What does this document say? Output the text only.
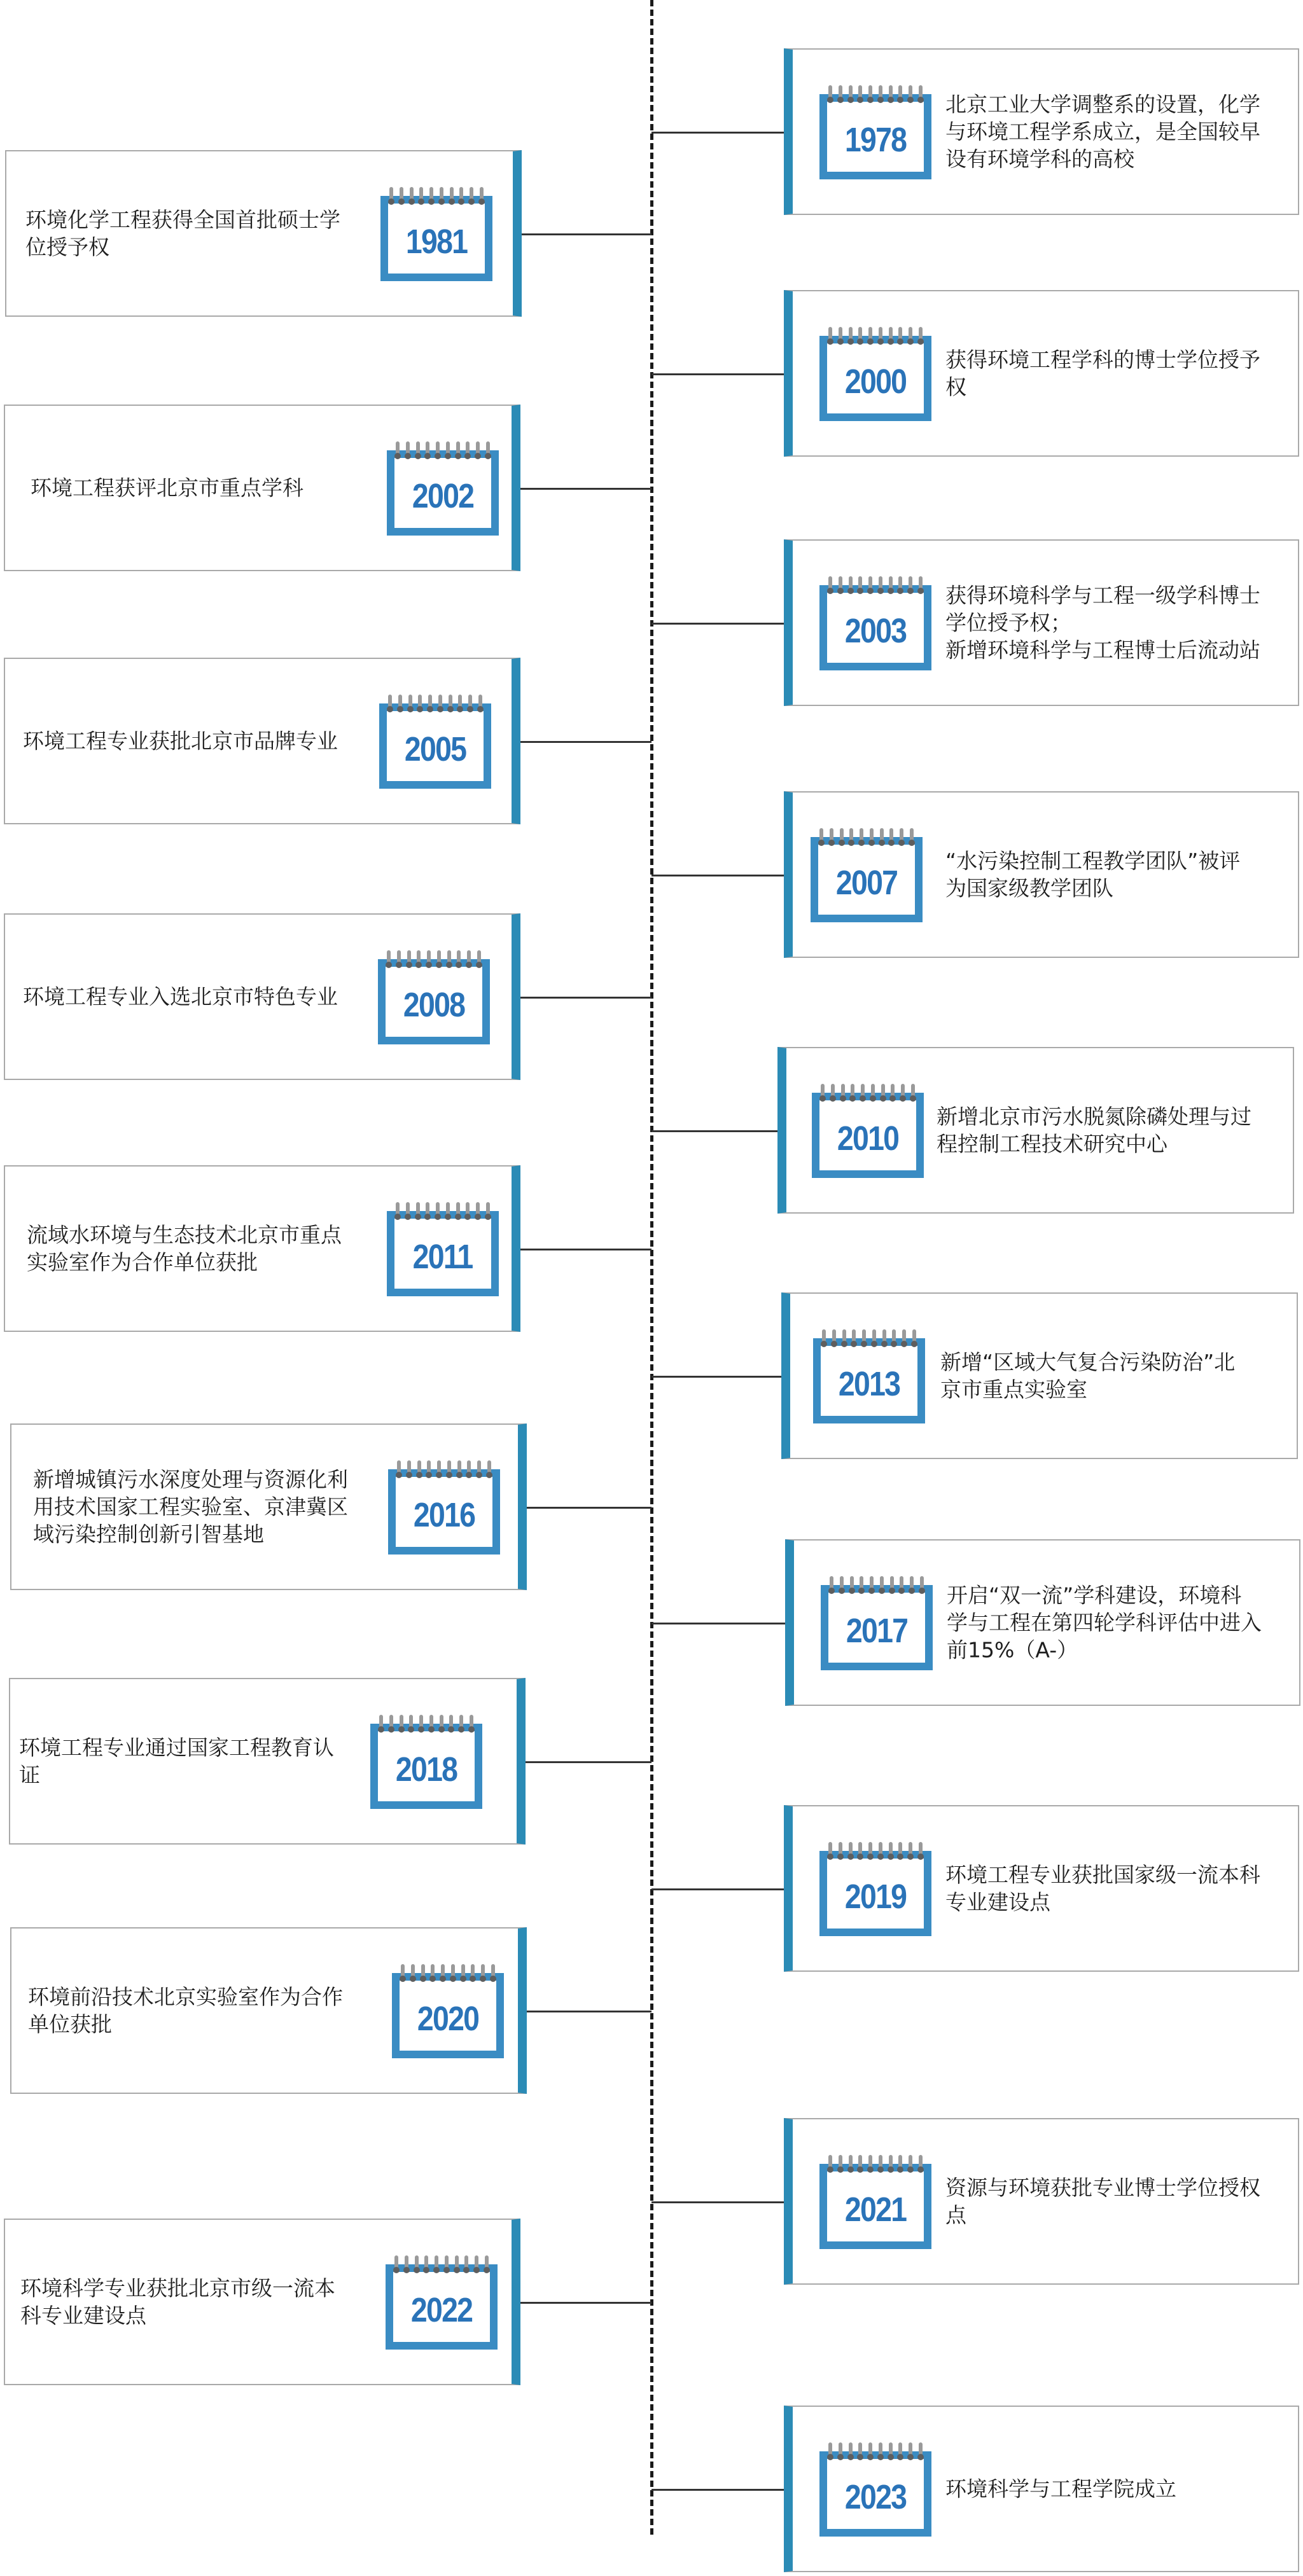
1978
北京工业大学调整系的设置，化学
与环境工程学系成立，是全国较早
设有环境学科的高校
1981
环境化学工程获得全国首批硕士学
位授予权
2000
获得环境工程学科的博士学位授予
权
2002
环境工程获评北京市重点学科
2003
获得环境科学与工程一级学科博士
学位授予权；
新增环境科学与工程博士后流动站
2005
环境工程专业获批北京市品牌专业
2007
“水污染控制工程教学团队”被评
为国家级教学团队
2008
环境工程专业入选北京市特色专业
2010
新增北京市污水脱氮除磷处理与过
程控制工程技术研究中心
2011
流域水环境与生态技术北京市重点
实验室作为合作单位获批
2013
新增“区域大气复合污染防治”北
京市重点实验室
2016
新增城镇污水深度处理与资源化利
用技术国家工程实验室、京津冀区
域污染控制创新引智基地
2017
开启“双一流”学科建设，环境科
学与工程在第四轮学科评估中进入
前15%（A-）
2018
环境工程专业通过国家工程教育认
证
2019
环境工程专业获批国家级一流本科
专业建设点
2020
环境前沿技术北京实验室作为合作
单位获批
2021
资源与环境获批专业博士学位授权
点
2022
环境科学专业获批北京市级一流本
科专业建设点
2023 环境科学与工程学院成立
